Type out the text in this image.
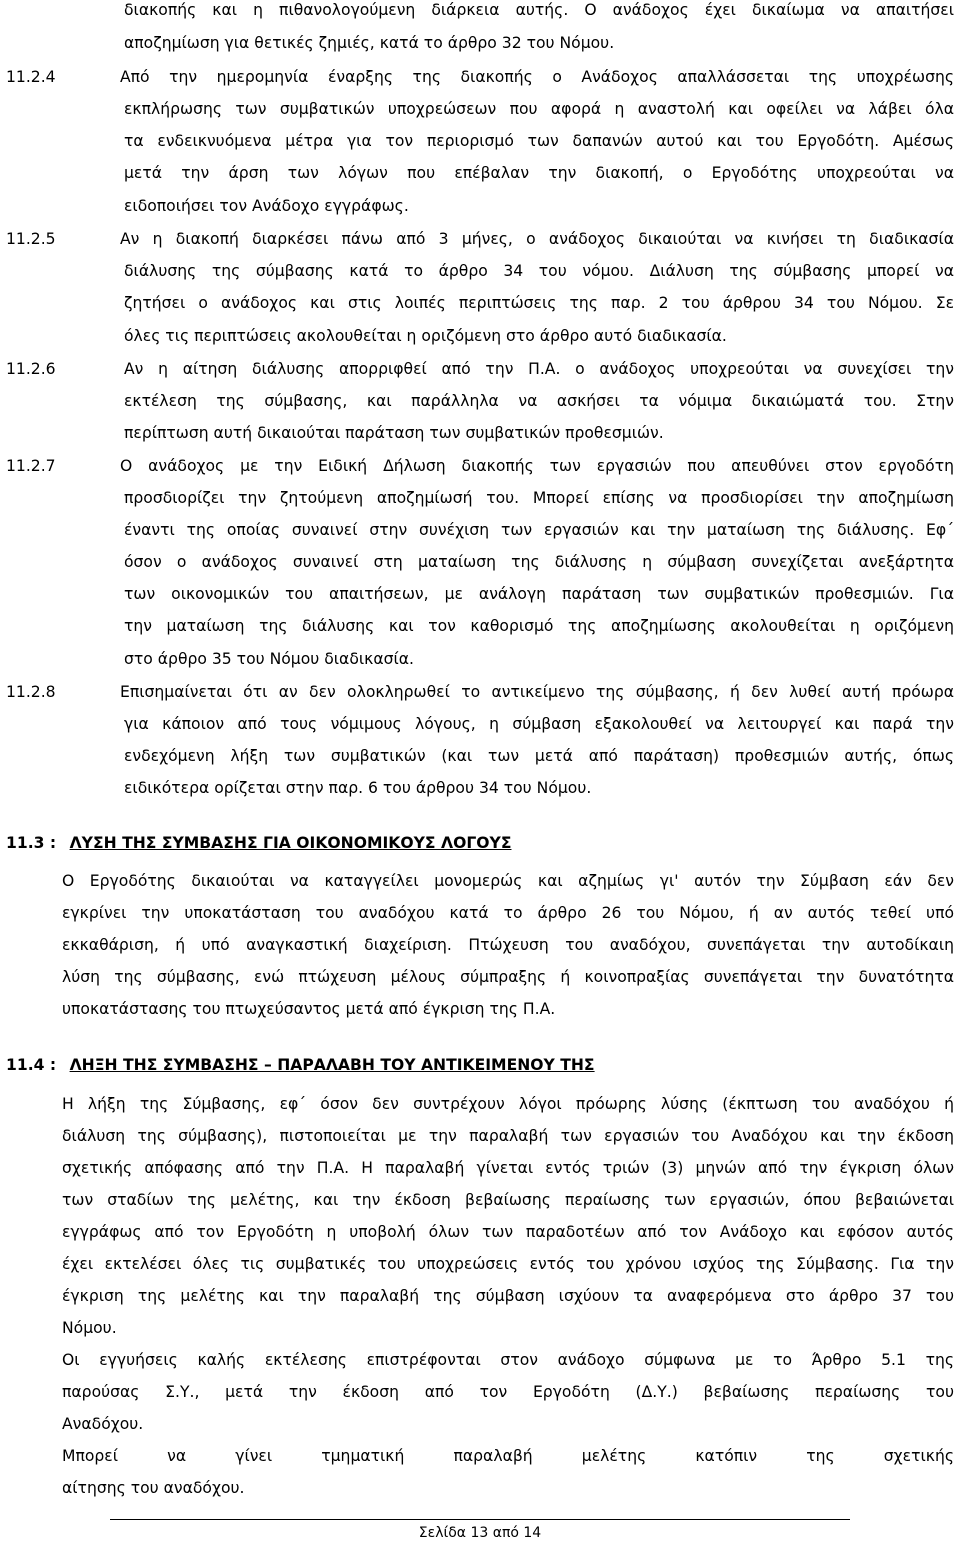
διακοπής και η πιθανολογούμενη διάρκεια αυτής. Ο ανάδοχος έχει δικαίωμα να απαιτήσει
αποζημίωση για θετικές ζημιές, κατά το άρθρο 32 του Νόμου.
11.2.4	Από την ημερομηνία έναρξης της διακοπής ο Ανάδοχος απαλλάσσεται της υποχρέωσης
εκπλήρωσης των συμβατικών υποχρεώσεων που αφορά η αναστολή και οφείλει να λάβει όλα
τα ενδεικνυόμενα μέτρα για τον περιορισμό των δαπανών αυτού και του Εργοδότη. Αμέσως
μετά την άρση των λόγων που επέβαλαν την διακοπή, ο Εργοδότης υποχρεούται να
ειδοποιήσει τον Ανάδοχο εγγράφως.
11.2.5	Αν η διακοπή διαρκέσει πάνω από 3 μήνες, ο ανάδοχος δικαιούται να κινήσει τη διαδικασία
διάλυσης της σύμβασης κατά το άρθρο 34 του νόμου. Διάλυση της σύμβασης μπορεί να
ζητήσει ο ανάδοχος και στις λοιπές περιπτώσεις της παρ. 2 του άρθρου 34 του Νόμου. Σε
όλες τις περιπτώσεις ακολουθείται η οριζόμενη στο άρθρο αυτό διαδικασία.
11.2.6	Αν η αίτηση διάλυσης απορριφθεί από την Π.Α. ο ανάδοχος υποχρεούται να συνεχίσει την
εκτέλεση της σύμβασης, και παράλληλα να ασκήσει τα νόμιμα δικαιώματά του. Στην
περίπτωση αυτή δικαιούται παράταση των συμβατικών προθεσμιών.
11.2.7	Ο ανάδοχος με την Ειδική Δήλωση διακοπής των εργασιών που απευθύνει στον εργοδότη
προσδιορίζει την ζητούμενη αποζημίωσή του. Μπορεί επίσης να προσδιορίσει την αποζημίωση
έναντι της οποίας συναινεί στην συνέχιση των εργασιών και την ματαίωση της διάλυσης. Εφ΄
όσον ο ανάδοχος συναινεί στη ματαίωση της διάλυσης η σύμβαση συνεχίζεται ανεξάρτητα
των οικονομικών του απαιτήσεων, με ανάλογη παράταση των συμβατικών προθεσμιών. Για
την ματαίωση της διάλυσης και τον καθορισμό της αποζημίωσης ακολουθείται η οριζόμενη
στο άρθρο 35 του Νόμου διαδικασία.
11.2.8	Επισημαίνεται ότι αν δεν ολοκληρωθεί το αντικείμενο της σύμβασης, ή δεν λυθεί αυτή πρόωρα
για κάποιον από τους νόμιμους λόγους, η σύμβαση εξακολουθεί να λειτουργεί και παρά την
ενδεχόμενη λήξη των συμβατικών (και των μετά από παράταση) προθεσμιών αυτής, όπως
ειδικότερα ορίζεται στην παρ. 6 του άρθρου 34 του Νόμου.
11.3 : ΛΥΣΗ ΤΗΣ ΣΥΜΒΑΣΗΣ ΓΙΑ ΟΙΚΟΝΟΜΙΚΟΥΣ ΛΟΓΟΥΣ
Ο Εργοδότης δικαιούται να καταγγείλει μονομερώς και αζημίως γι' αυτόν την Σύμβαση εάν δεν
εγκρίνει την υποκατάσταση του αναδόχου κατά το άρθρο 26 του Νόμου, ή αν αυτός τεθεί υπό
εκκαθάριση, ή υπό αναγκαστική διαχείριση. Πτώχευση του αναδόχου, συνεπάγεται την αυτοδίκαιη
λύση της σύμβασης, ενώ πτώχευση μέλους σύμπραξης ή κοινοπραξίας συνεπάγεται την δυνατότητα
υποκατάστασης του πτωχεύσαντος μετά από έγκριση της Π.Α.
11.4 : ΛΗΞΗ ΤΗΣ ΣΥΜΒΑΣΗΣ – ΠΑΡΑΛΑΒΗ ΤΟΥ ΑΝΤΙΚΕΙΜΕΝΟΥ ΤΗΣ
Η λήξη της Σύμβασης, εφ΄ όσον δεν συντρέχουν λόγοι πρόωρης λύσης (έκπτωση του αναδόχου ή
διάλυση της σύμβασης), πιστοποιείται με την παραλαβή των εργασιών του Αναδόχου και την έκδοση
σχετικής απόφασης από την Π.Α. Η παραλαβή γίνεται εντός τριών (3) μηνών από την έγκριση όλων
των σταδίων της μελέτης, και την έκδοση βεβαίωσης περαίωσης των εργασιών, όπου βεβαιώνεται
εγγράφως από τον Εργοδότη η υποβολή όλων των παραδοτέων από τον Ανάδοχο και εφόσον αυτός
έχει εκτελέσει όλες τις συμβατικές του υποχρεώσεις εντός του χρόνου ισχύος της Σύμβασης. Για την
έγκριση της μελέτης και την παραλαβή της σύμβαση ισχύουν τα αναφερόμενα στο άρθρο 37 του
Νόμου.
Οι εγγυήσεις καλής εκτέλεσης επιστρέφονται στον ανάδοχο σύμφωνα με το Άρθρο 5.1 της
παρούσας Σ.Υ., μετά την έκδοση από τον Εργοδότη (Δ.Υ.) βεβαίωσης περαίωσης του
Αναδόχου.
Μπορεί να γίνει τμηματική παραλαβή μελέτης κατόπιν της σχετικής
αίτησης του αναδόχου.
Σελίδα 13 από 14
